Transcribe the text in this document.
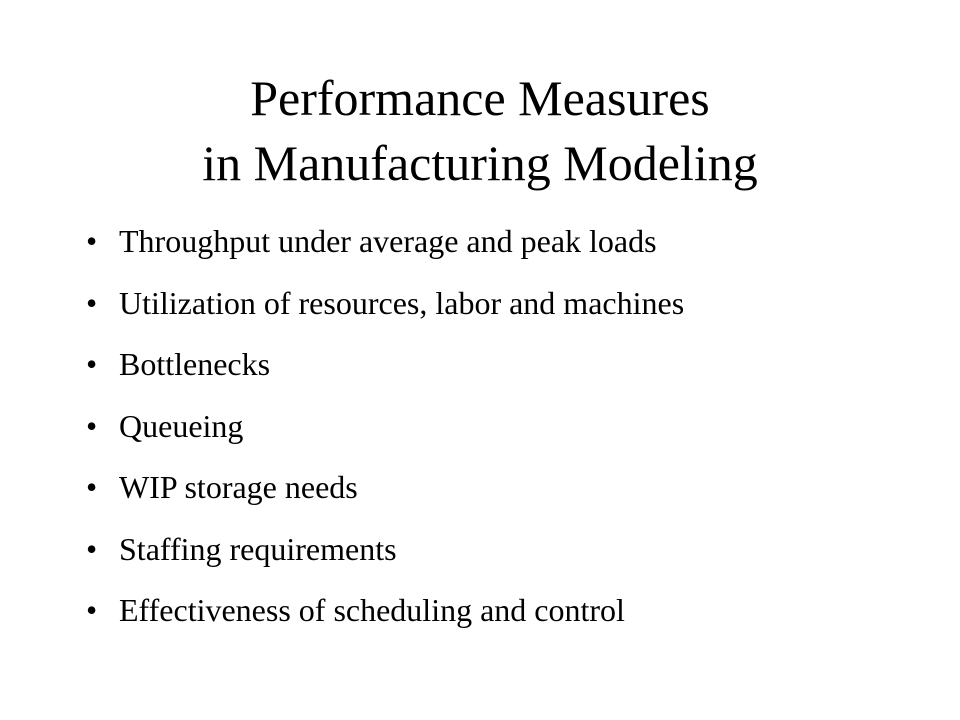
Performance Measures
in Manufacturing Modeling
• Throughput under average and peak loads
• Utilization of resources, labor and machines
• Bottlenecks
• Queueing
• WIP storage needs
• Staffing requirements
• Effectiveness of scheduling and control
